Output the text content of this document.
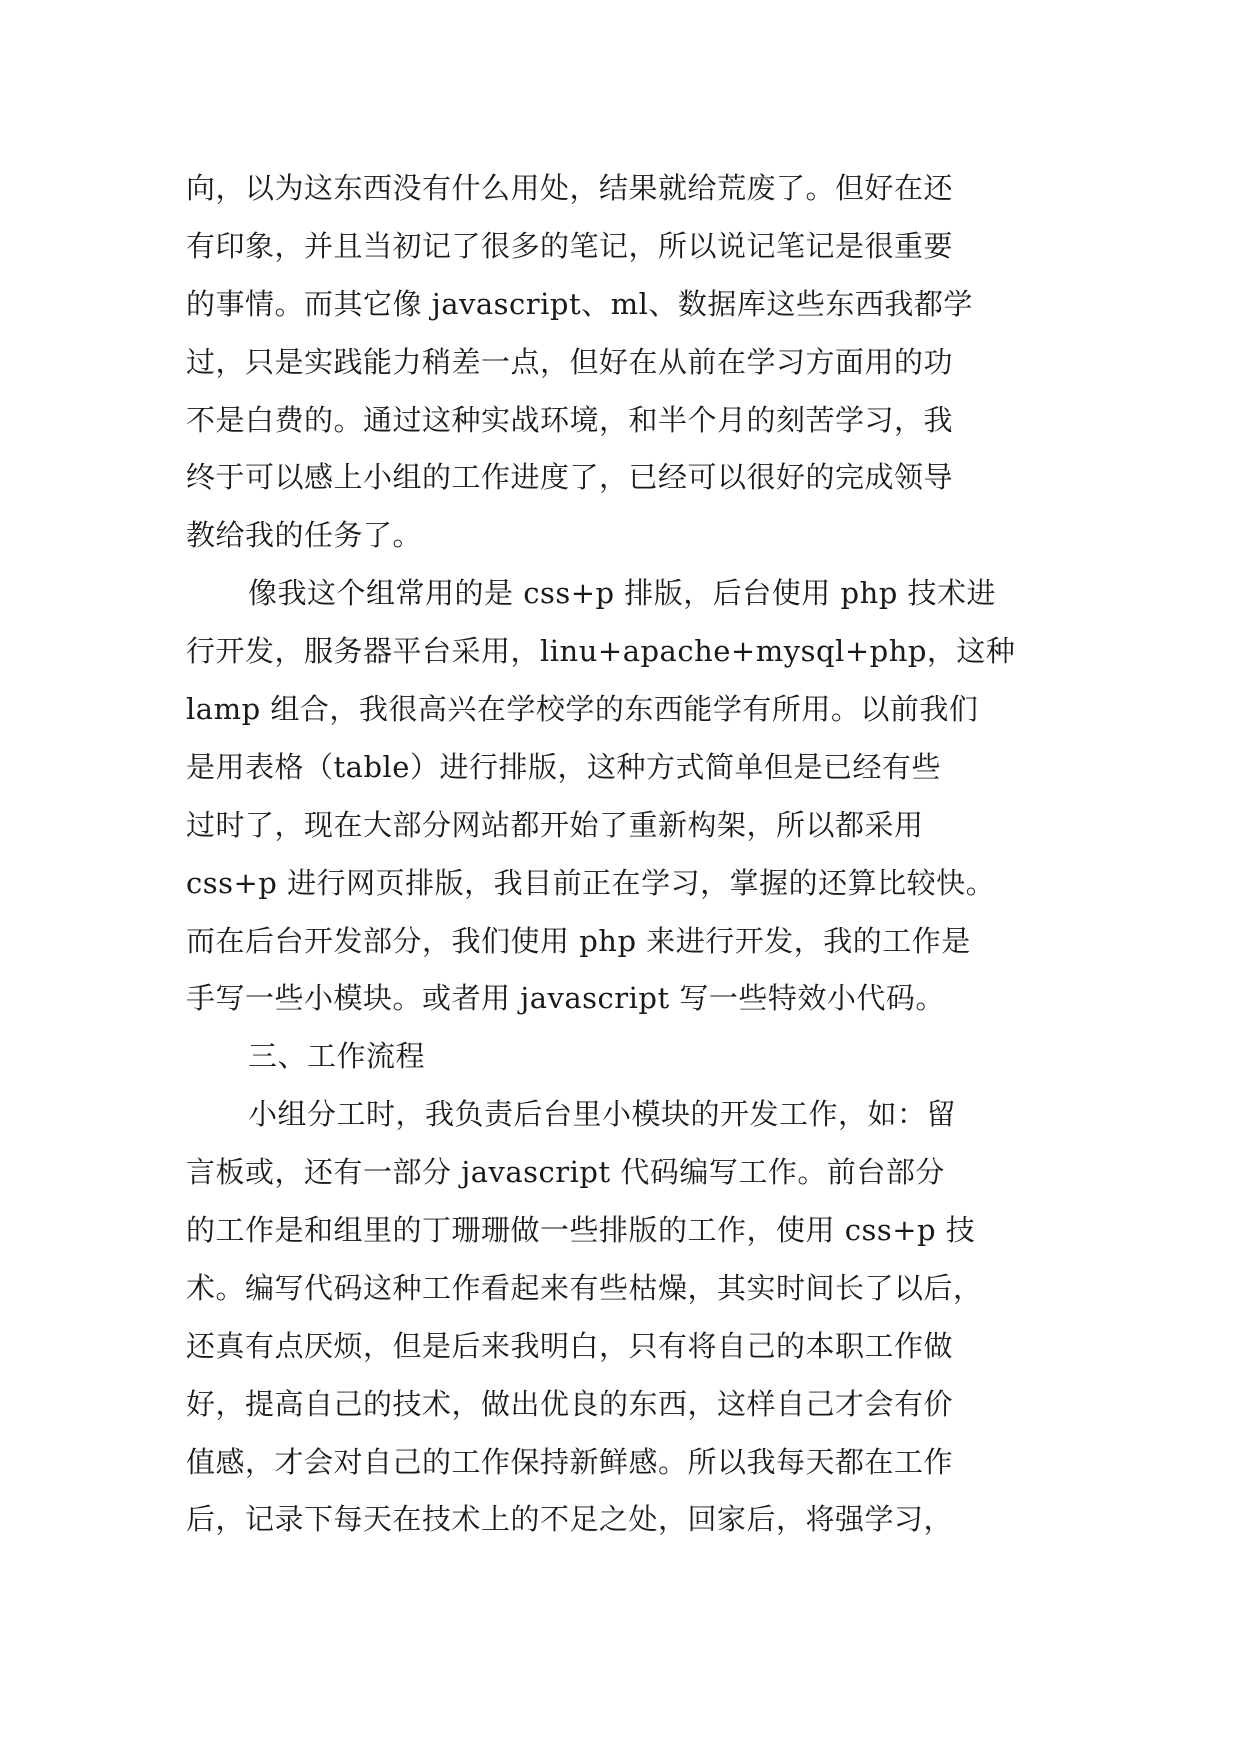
向，以为这东西没有什么用处，结果就给荒废了。但好在还
有印象，并且当初记了很多的笔记，所以说记笔记是很重要
的事情。而其它像 javascript、ml、数据库这些东西我都学
过，只是实践能力稍差一点，但好在从前在学习方面用的功
不是白费的。通过这种实战环境，和半个月的刻苦学习，我
终于可以感上小组的工作进度了，已经可以很好的完成领导
教给我的任务了。
像我这个组常用的是 css+p 排版，后台使用 php 技术进
行开发，服务器平台采用，linu+apache+mysql+php，这种
lamp 组合，我很高兴在学校学的东西能学有所用。以前我们
是用表格（table）进行排版，这种方式简单但是已经有些
过时了，现在大部分网站都开始了重新构架，所以都采用
css+p 进行网页排版，我目前正在学习，掌握的还算比较快。
而在后台开发部分，我们使用 php 来进行开发，我的工作是
手写一些小模块。或者用 javascript 写一些特效小代码。
三、工作流程
小组分工时，我负责后台里小模块的开发工作，如：留
言板或，还有一部分 javascript 代码编写工作。前台部分
的工作是和组里的丁珊珊做一些排版的工作，使用 css+p 技
术。编写代码这种工作看起来有些枯燥，其实时间长了以后，
还真有点厌烦，但是后来我明白，只有将自己的本职工作做
好，提高自己的技术，做出优良的东西，这样自己才会有价
值感，才会对自己的工作保持新鲜感。所以我每天都在工作
后，记录下每天在技术上的不足之处，回家后，将强学习，
